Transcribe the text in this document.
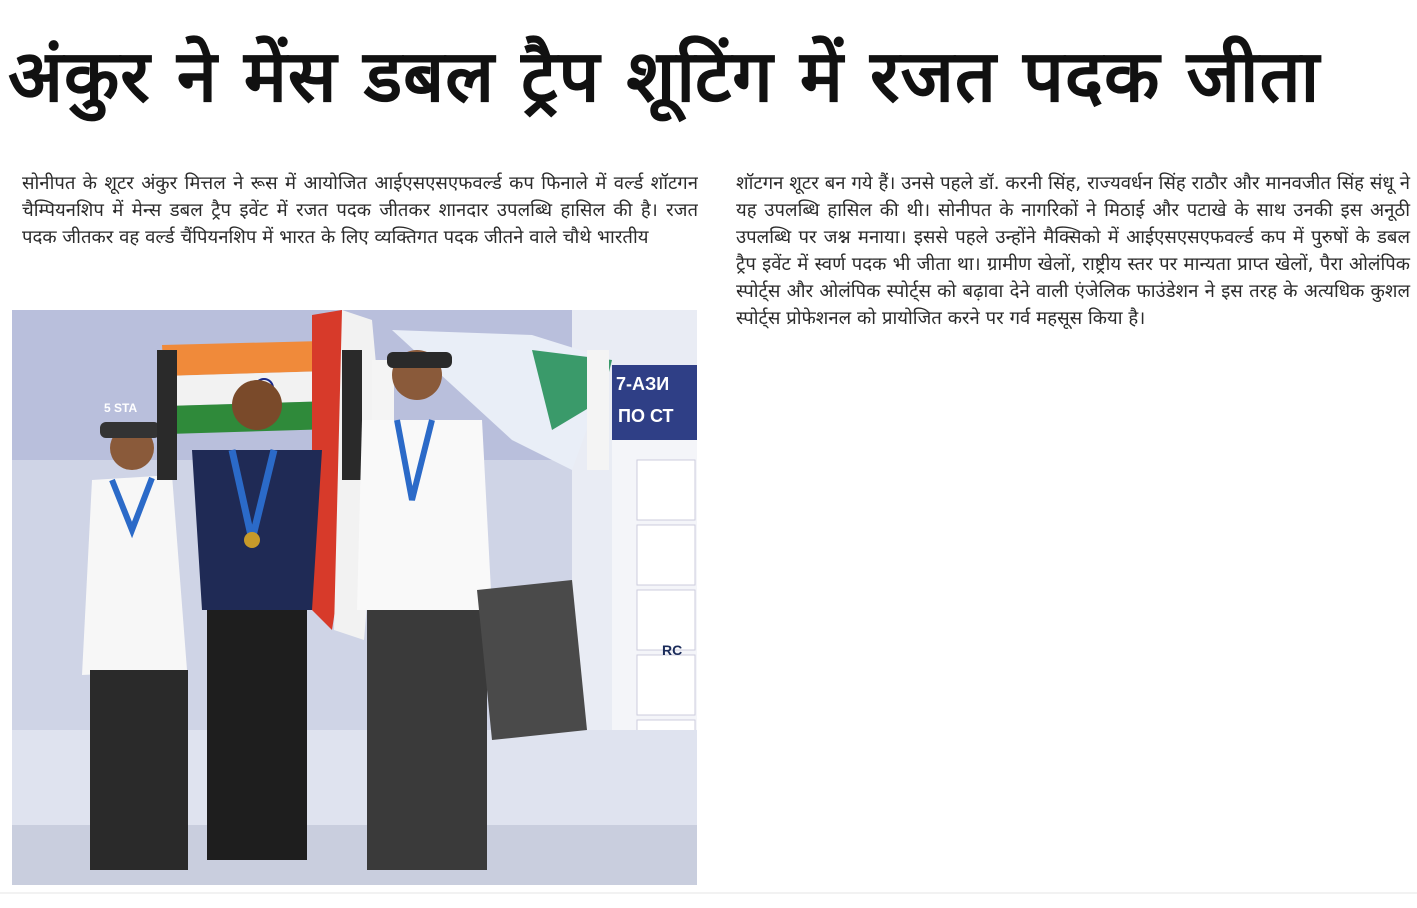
अंकुर ने मेंस डबल ट्रैप शूटिंग में रजत पदक जीता
सोनीपत के शूटर अंकुर मित्तल ने रूस में आयोजित आईएसएसएफवर्ल्ड कप फिनाले में वर्ल्ड शॉटगन चैम्पियनशिप में मेन्स डबल ट्रैप इवेंट में रजत पदक जीतकर शानदार उपलब्धि हासिल की है। रजत पदक जीतकर वह वर्ल्ड चैंपियनशिप में भारत के लिए व्यक्तिगत पदक जीतने वाले चौथे भारतीय
शॉटगन शूटर बन गये हैं। उनसे पहले डॉ. करनी सिंह, राज्यवर्धन सिंह राठौर और मानवजीत सिंह संधू ने यह उपलब्धि हासिल की थी। सोनीपत के नागरिकों ने मिठाई और पटाखे के साथ उनकी इस अनूठी उपलब्धि पर जश्न मनाया। इससे पहले उन्होंने मैक्सिको में आईएसएसएफवर्ल्ड कप में पुरुषों के डबल ट्रैप इवेंट में स्वर्ण पदक भी जीता था। ग्रामीण खेलों, राष्ट्रीय स्तर पर मान्यता प्राप्त खेलों, पैरा ओलंपिक स्पोर्ट्स और ओलंपिक स्पोर्ट्स को बढ़ावा देने वाली एंजेलिक फाउंडेशन ने इस तरह के अत्यधिक कुशल स्पोर्ट्स प्रोफेशनल को प्रायोजित करने पर गर्व महसूस किया है।
RC
7-АЗИ
ПО СТ
5 STA
